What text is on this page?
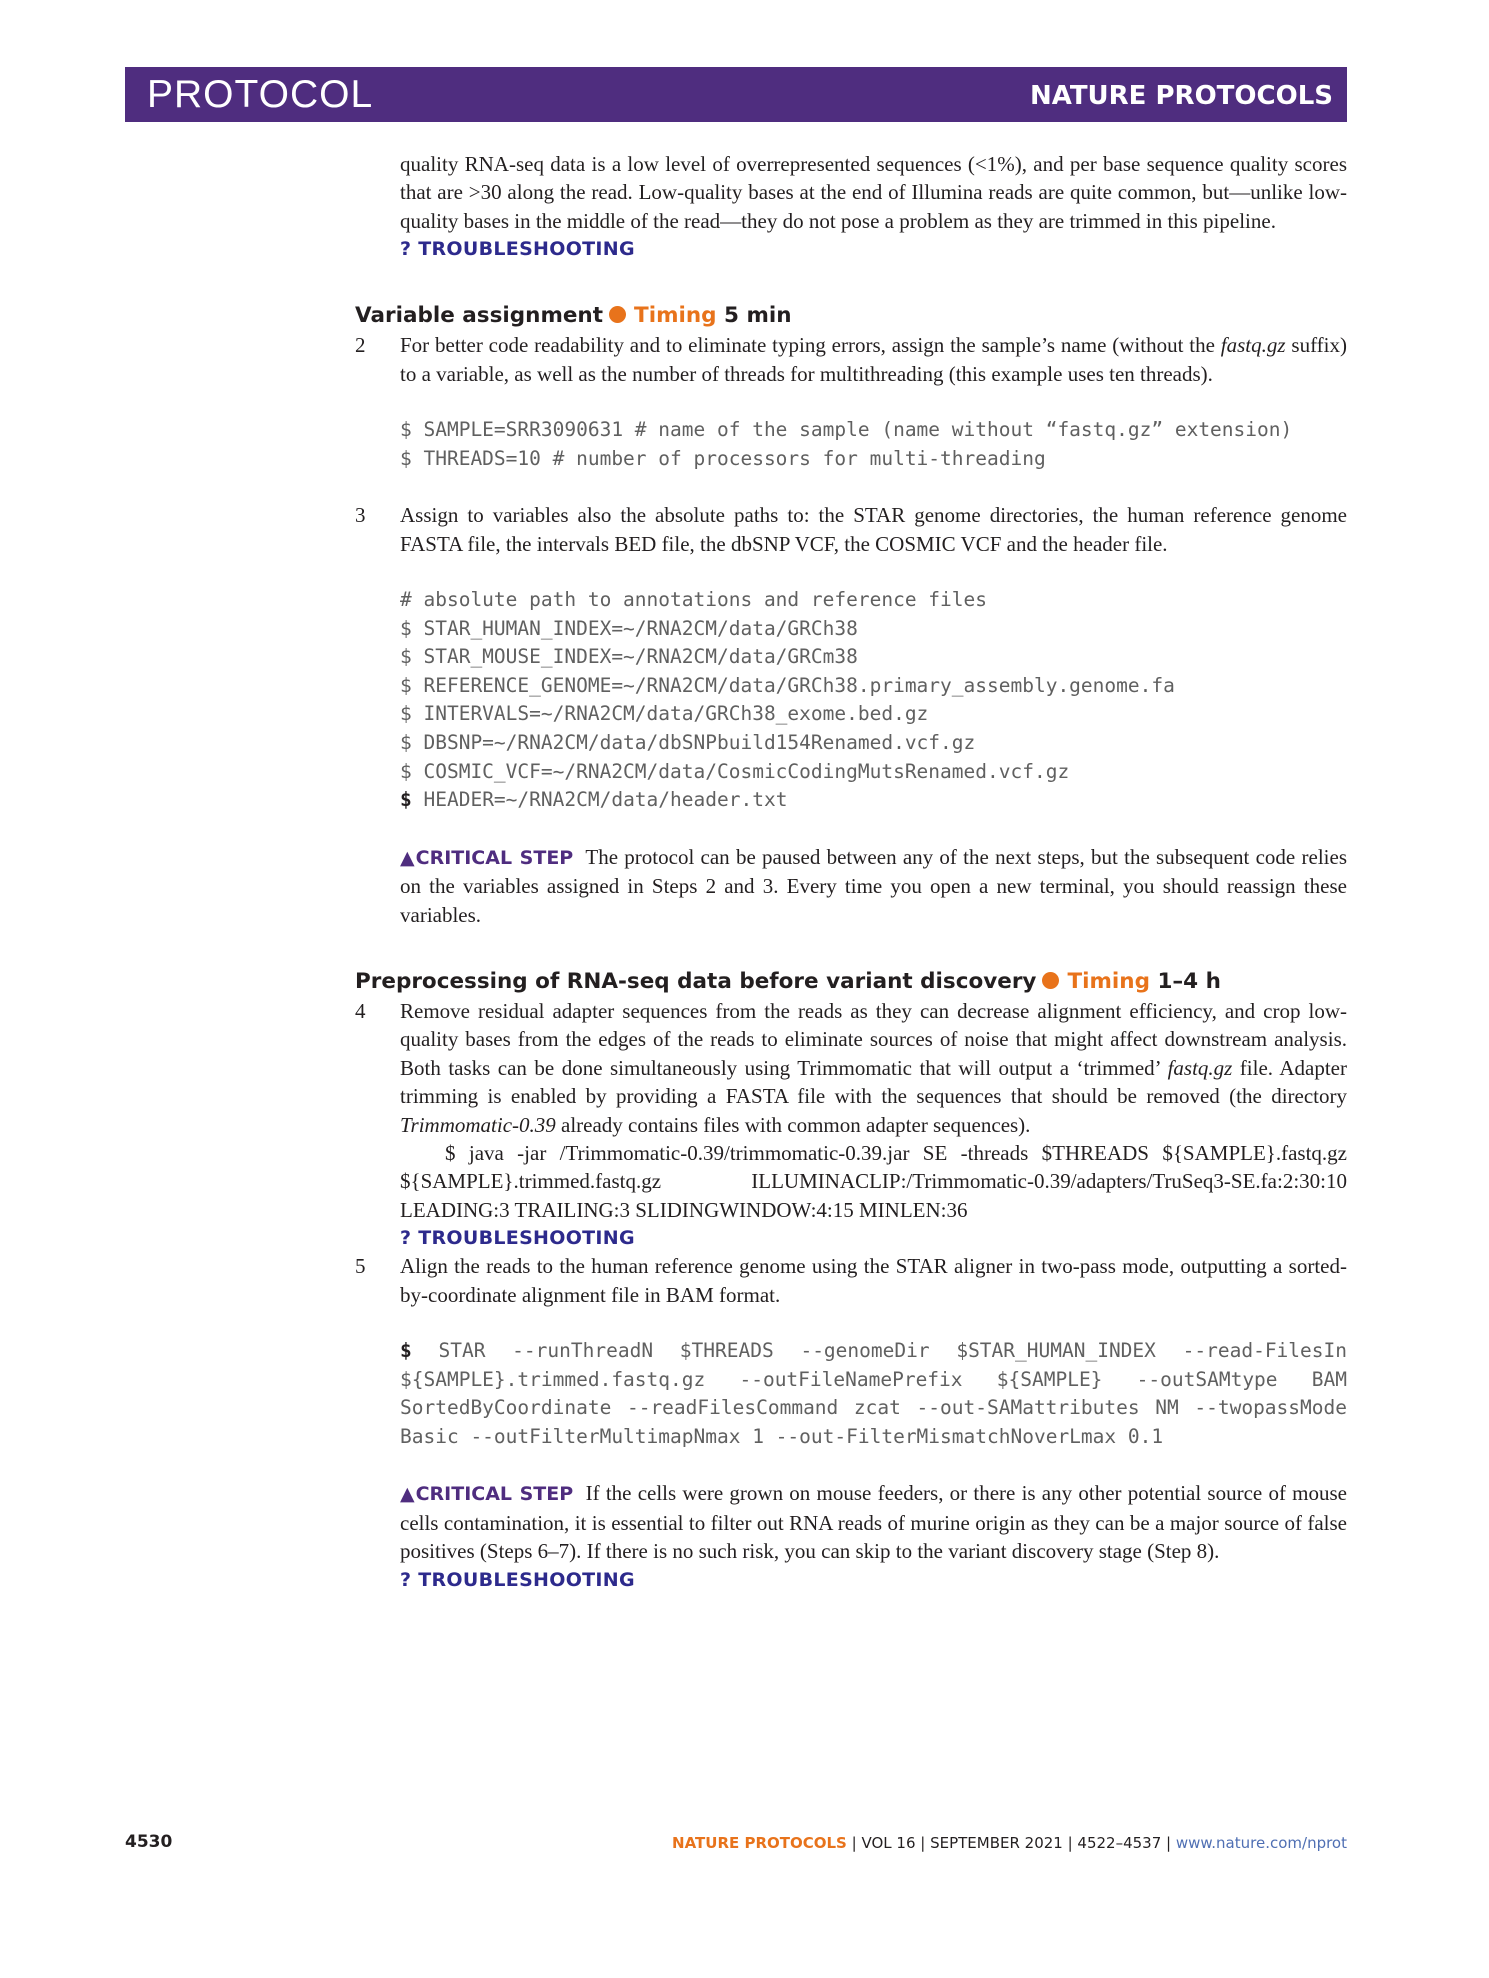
PROTOCOL	NATURE PROTOCOLS

quality RNA-seq data is a low level of overrepresented sequences (<1%), and per base sequence quality scores that are >30 along the read. Low-quality bases at the end of Illumina reads are quite common, but—unlike low-quality bases in the middle of the read—they do not pose a problem as they are trimmed in this pipeline.

? TROUBLESHOOTING
Variable assignment Timing 5 min
2 For better code readability and to eliminate typing errors, assign the sample’s name (without the fastq.gz suffix) to a variable, as well as the number of threads for multithreading (this example uses ten threads).

$ SAMPLE=SRR3090631 # name of the sample (name without “fastq.gz” extension)
$ THREADS=10 # number of processors for multi-threading
3 Assign to variables also the absolute paths to: the STAR genome directories, the human reference genome FASTA file, the intervals BED file, the dbSNP VCF, the COSMIC VCF and the header file.

# absolute path to annotations and reference files
$ STAR_HUMAN_INDEX=~/RNA2CM/data/GRCh38
$ STAR_MOUSE_INDEX=~/RNA2CM/data/GRCm38
$ REFERENCE_GENOME=~/RNA2CM/data/GRCh38.primary_assembly.genome.fa
$ INTERVALS=~/RNA2CM/data/GRCh38_exome.bed.gz
$ DBSNP=~/RNA2CM/data/dbSNPbuild154Renamed.vcf.gz
$ COSMIC_VCF=~/RNA2CM/data/CosmicCodingMutsRenamed.vcf.gz
$ HEADER=~/RNA2CM/data/header.txt

▲CRITICAL STEP The protocol can be paused between any of the next steps, but the subsequent code relies on the variables assigned in Steps 2 and 3. Every time you open a new terminal, you should reassign these variables.

Preprocessing of RNA-seq data before variant discovery Timing 1–4 h
4 Remove residual adapter sequences from the reads as they can decrease alignment efficiency, and crop low-quality bases from the edges of the reads to eliminate sources of noise that might affect downstream analysis. Both tasks can be done simultaneously using Trimmomatic that will output a ‘trimmed’ fastq.gz file. Adapter trimming is enabled by providing a FASTA file with the sequences that should be removed (the directory Trimmomatic-0.39 already contains files with common adapter sequences).

$ java -jar /Trimmomatic-0.39/trimmomatic-0.39.jar SE -threads $THREADS ${SAMPLE}.fastq.gz ${SAMPLE}.trimmed.fastq.gz ILLUMINACLIP:/Trimmomatic-0.39/adapters/TruSeq3-SE.fa:2:30:10 LEADING:3 TRAILING:3 SLIDINGWINDOW:4:15 MINLEN:36

? TROUBLESHOOTING
5 Align the reads to the human reference genome using the STAR aligner in two-pass mode, outputting a sorted-by-coordinate alignment file in BAM format.

$ STAR --runThreadN $THREADS --genomeDir $STAR_HUMAN_INDEX --read-FilesIn ${SAMPLE}.trimmed.fastq.gz --outFileNamePrefix ${SAMPLE} --outSAMtype BAM SortedByCoordinate --readFilesCommand zcat --out-SAMattributes NM --twopassMode Basic --outFilterMultimapNmax 1 --out-FilterMismatchNoverLmax 0.1

▲CRITICAL STEP If the cells were grown on mouse feeders, or there is any other potential source of mouse cells contamination, it is essential to filter out RNA reads of murine origin as they can be a major source of false positives (Steps 6–7). If there is no such risk, you can skip to the variant discovery stage (Step 8).

? TROUBLESHOOTING
4530	NATURE PROTOCOLS | VOL 16 | SEPTEMBER 2021 | 4522–4537 | www.nature.com/nprot
